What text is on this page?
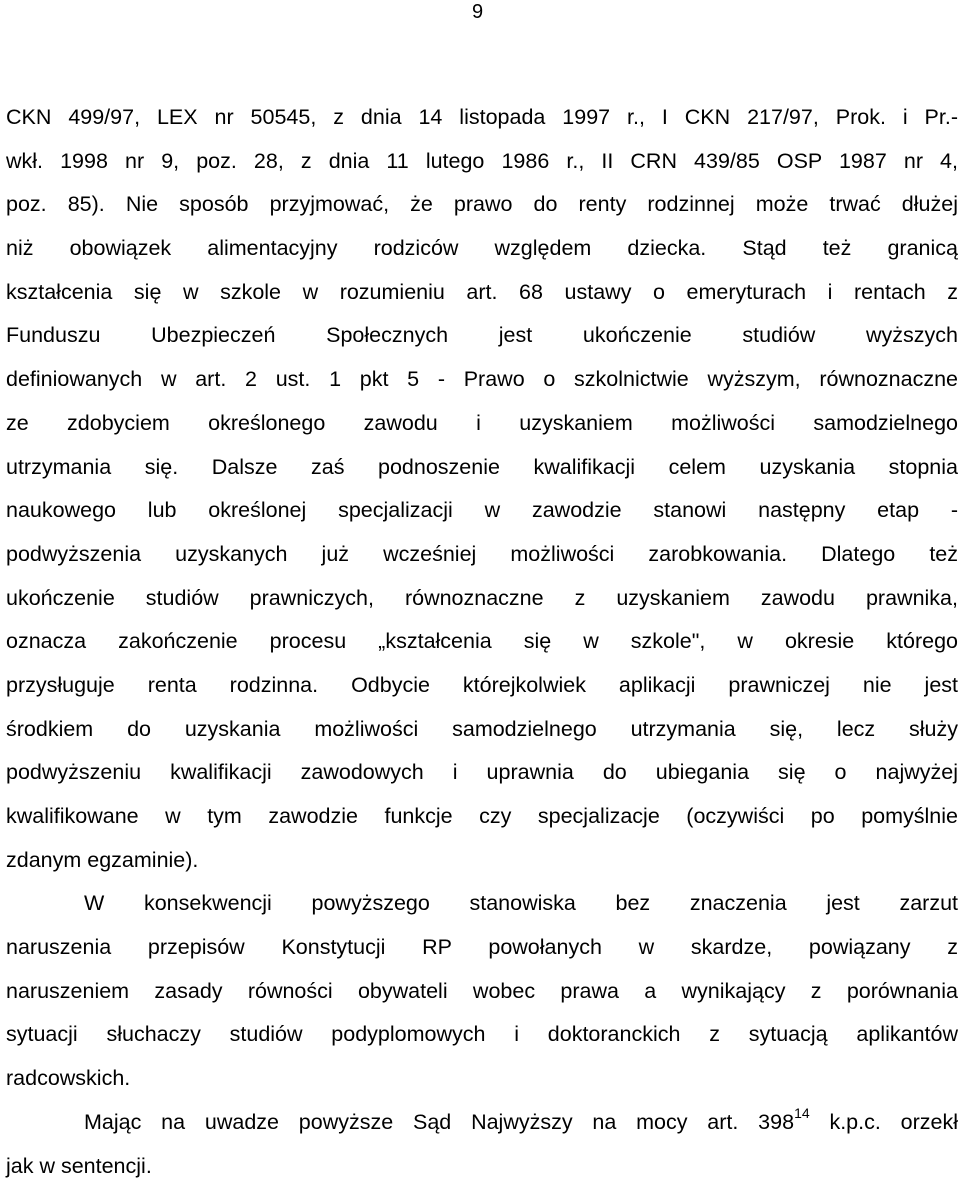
9
CKN 499/97, LEX nr 50545, z dnia 14 listopada 1997 r., I CKN 217/97, Prok. i Pr.-
wkł. 1998 nr 9, poz. 28, z dnia 11 lutego 1986 r., II CRN 439/85 OSP 1987 nr 4,
poz. 85). Nie sposób przyjmować, że prawo do renty rodzinnej może trwać dłużej
niż obowiązek alimentacyjny rodziców względem dziecka. Stąd też granicą
kształcenia się w szkole w rozumieniu art. 68 ustawy o emeryturach i rentach z
Funduszu Ubezpieczeń Społecznych jest ukończenie studiów wyższych
definiowanych w art. 2 ust. 1 pkt 5 - Prawo o szkolnictwie wyższym, równoznaczne
ze zdobyciem określonego zawodu i uzyskaniem możliwości samodzielnego
utrzymania się. Dalsze zaś podnoszenie kwalifikacji celem uzyskania stopnia
naukowego lub określonej specjalizacji w zawodzie stanowi następny etap -
podwyższenia uzyskanych już wcześniej możliwości zarobkowania. Dlatego też
ukończenie studiów prawniczych, równoznaczne z uzyskaniem zawodu prawnika,
oznacza zakończenie procesu „kształcenia się w szkole", w okresie którego
przysługuje renta rodzinna. Odbycie którejkolwiek aplikacji prawniczej nie jest
środkiem do uzyskania możliwości samodzielnego utrzymania się, lecz służy
podwyższeniu kwalifikacji zawodowych i uprawnia do ubiegania się o najwyżej
kwalifikowane w tym zawodzie funkcje czy specjalizacje (oczywiści po pomyślnie
zdanym egzaminie).
W konsekwencji powyższego stanowiska bez znaczenia jest zarzut
naruszenia przepisów Konstytucji RP powołanych w skardze, powiązany z
naruszeniem zasady równości obywateli wobec prawa a wynikający z porównania
sytuacji słuchaczy studiów podyplomowych i doktoranckich z sytuacją aplikantów
radcowskich.
Mając na uwadze powyższe Sąd Najwyższy na mocy art. $398^{14}$ k.p.c. orzekł
jak w sentencji.
